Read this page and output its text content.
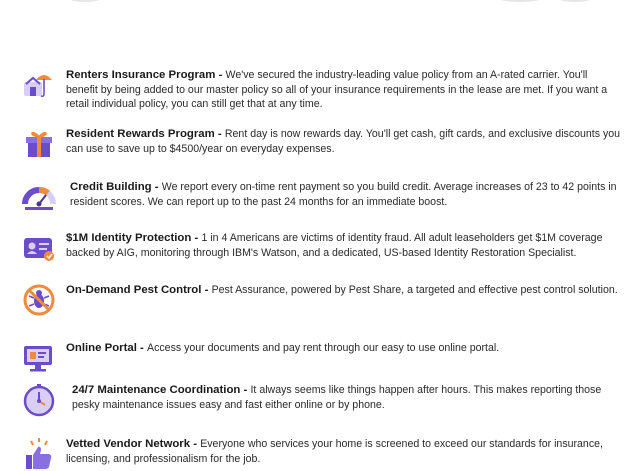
Renters Insurance Program - We've secured the industry-leading value policy from an A-rated carrier. You'll benefit by being added to our master policy so all of your insurance requirements in the lease are met. If you want a retail individual policy, you can still get that at any time.
Resident Rewards Program - Rent day is now rewards day. You'll get cash, gift cards, and exclusive discounts you can use to save up to $4500/year on everyday expenses.
Credit Building - We report every on-time rent payment so you build credit. Average increases of 23 to 42 points in resident scores. We can report up to the past 24 months for an immediate boost.
$1M Identity Protection - 1 in 4 Americans are victims of identity fraud. All adult leaseholders get $1M coverage backed by AIG, monitoring through IBM's Watson, and a dedicated, US-based Identity Restoration Specialist.
On-Demand Pest Control - Pest Assurance, powered by Pest Share, a targeted and effective pest control solution.
Online Portal - Access your documents and pay rent through our easy to use online portal.
24/7 Maintenance Coordination - It always seems like things happen after hours. This makes reporting those pesky maintenance issues easy and fast either online or by phone.
Vetted Vendor Network - Everyone who services your home is screened to exceed our standards for insurance, licensing, and professionalism for the job.
